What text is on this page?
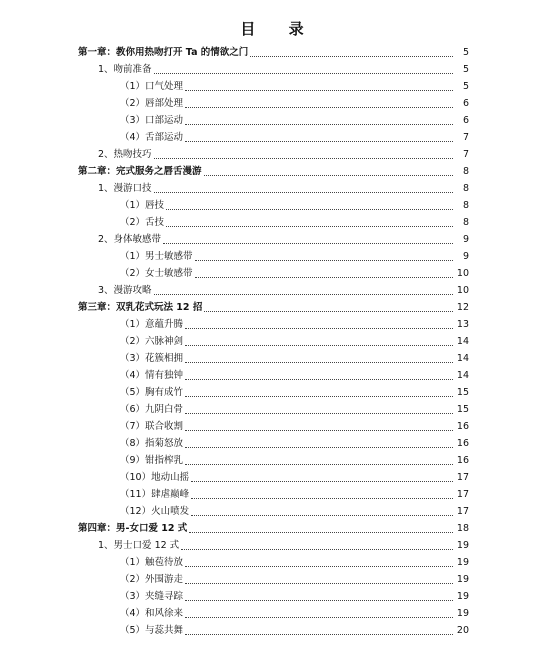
目 录
第一章：教你用热吻打开 Ta 的情欲之门	5
1、吻前准备	5
（1）口气处理	5
（2）唇部处理	6
（3）口部运动	6
（4）舌部运动	7
2、热吻技巧	7
第二章：完式服务之唇舌漫游	8
1、漫游口技	8
（1）唇技	8
（2）舌技	8
2、身体敏感带	9
（1）男士敏感带	9
（2）女士敏感带	10
3、漫游攻略	10
第三章：双乳花式玩法 12 招	12
（1）意蕴升腾	13
（2）六脉神剑	14
（3）花簇相拥	14
（4）情有独钟	14
（5）胸有成竹	15
（6）九阴白骨	15
（7）联合收割	16
（8）指菊怒放	16
（9）钳指榨乳	16
（10）地动山摇	17
（11）肆虐巅峰	17
（12）火山喷发	17
第四章：男-女口爱 12 式	18
1、男士口爱 12 式	19
（1）触苞待放	19
（2）外围游走	19
（3）夹缝寻踪	19
（4）和风徐来	19
（5）与蕊共舞	20
